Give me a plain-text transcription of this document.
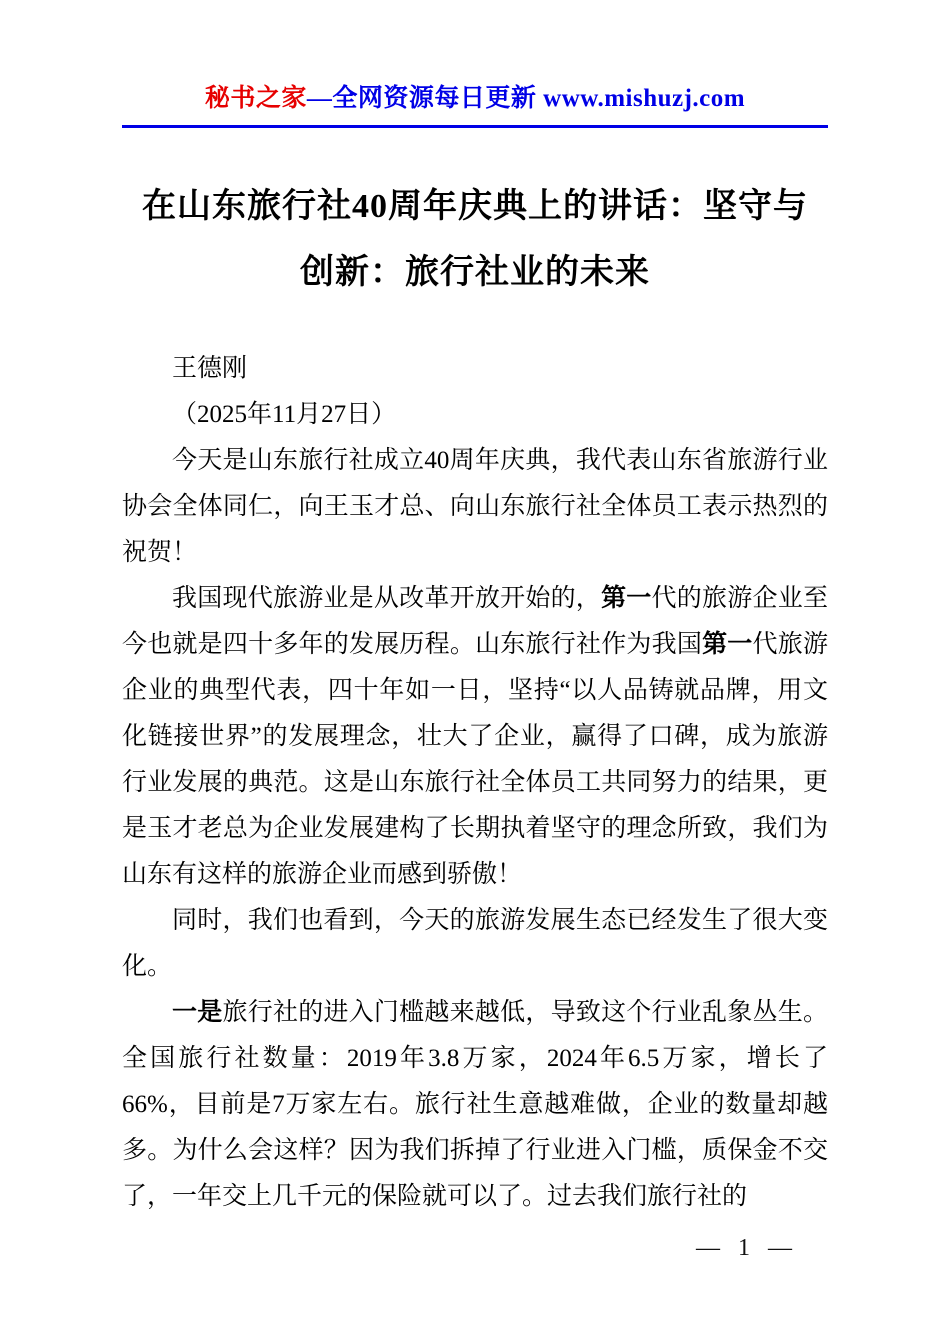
秘书之家—全网资源每日更新 www.mishuzj.com
在山东旅行社40周年庆典上的讲话：坚守与
创新：旅行社业的未来

王德刚

（2025年11月27日）

今天是山东旅行社成立40周年庆典，我代表山东省旅游行业协会全体同仁，向王玉才总、向山东旅行社全体员工表示热烈的祝贺！

我国现代旅游业是从改革开放开始的，第一代的旅游企业至今也就是四十多年的发展历程。山东旅行社作为我国第一代旅游企业的典型代表，四十年如一日，坚持“以人品铸就品牌，用文化链接世界”的发展理念，壮大了企业，赢得了口碑，成为旅游行业发展的典范。这是山东旅行社全体员工共同努力的结果，更是玉才老总为企业发展建构了长期执着坚守的理念所致，我们为山东有这样的旅游企业而感到骄傲！

同时，我们也看到，今天的旅游发展生态已经发生了很大变化。

一是旅行社的进入门槛越来越低，导致这个行业乱象丛生。全国旅行社数量：2019年3.8万家，2024年6.5万家，增长了66%，目前是7万家左右。旅行社生意越难做，企业的数量却越多。为什么会这样？因为我们拆掉了行业进入门槛，质保金不交了，一年交上几千元的保险就可以了。过去我们旅行社的

— 1 —
